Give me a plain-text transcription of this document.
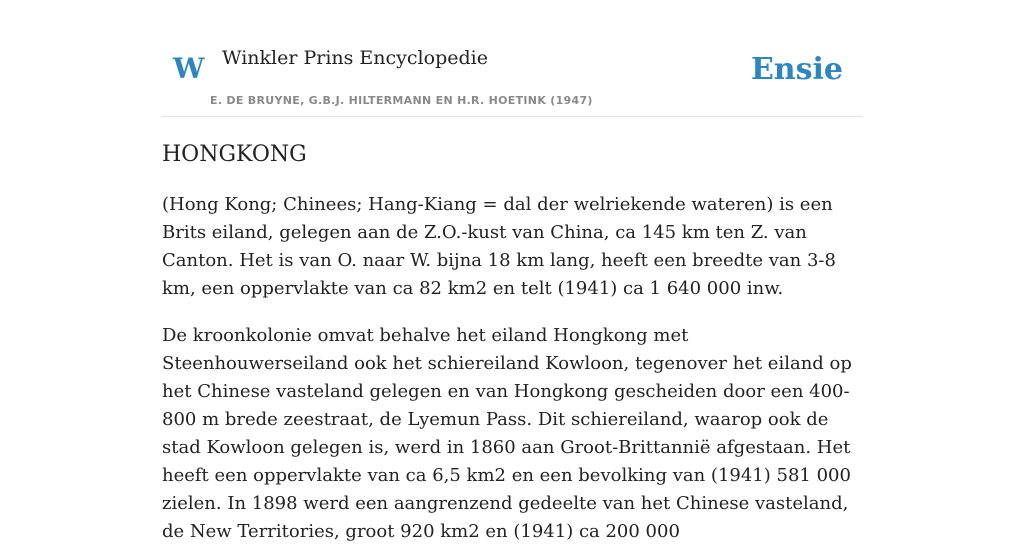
W Winkler Prins Encyclopedie
E. DE BRUYNE, G.B.J. HILTERMANN EN H.R. HOETINK (1947)
Ensie
HONGKONG

(Hong Kong; Chinees; Hang-Kiang = dal der welriekende wateren) is een Brits eiland, gelegen aan de Z.O.-kust van China, ca 145 km ten Z. van Canton. Het is van O. naar W. bijna 18 km lang, heeft een breedte van 3-8 km, een oppervlakte van ca 82 km2 en telt (1941) ca 1 640 000 inw.

De kroonkolonie omvat behalve het eiland Hongkong met Steenhouwerseiland ook het schiereiland Kowloon, tegenover het eiland op het Chinese vasteland gelegen en van Hongkong gescheiden door een 400-800 m brede zeestraat, de Lyemun Pass. Dit schiereiland, waarop ook de stad Kowloon gelegen is, werd in 1860 aan Groot-Brittannië afgestaan. Het heeft een oppervlakte van ca 6,5 km2 en een bevolking van (1941) 581 000 zielen. In 1898 werd een aangrenzend gedeelte van het Chinese vasteland, de New Territories, groot 920 km2 en (1941) ca 200 000
